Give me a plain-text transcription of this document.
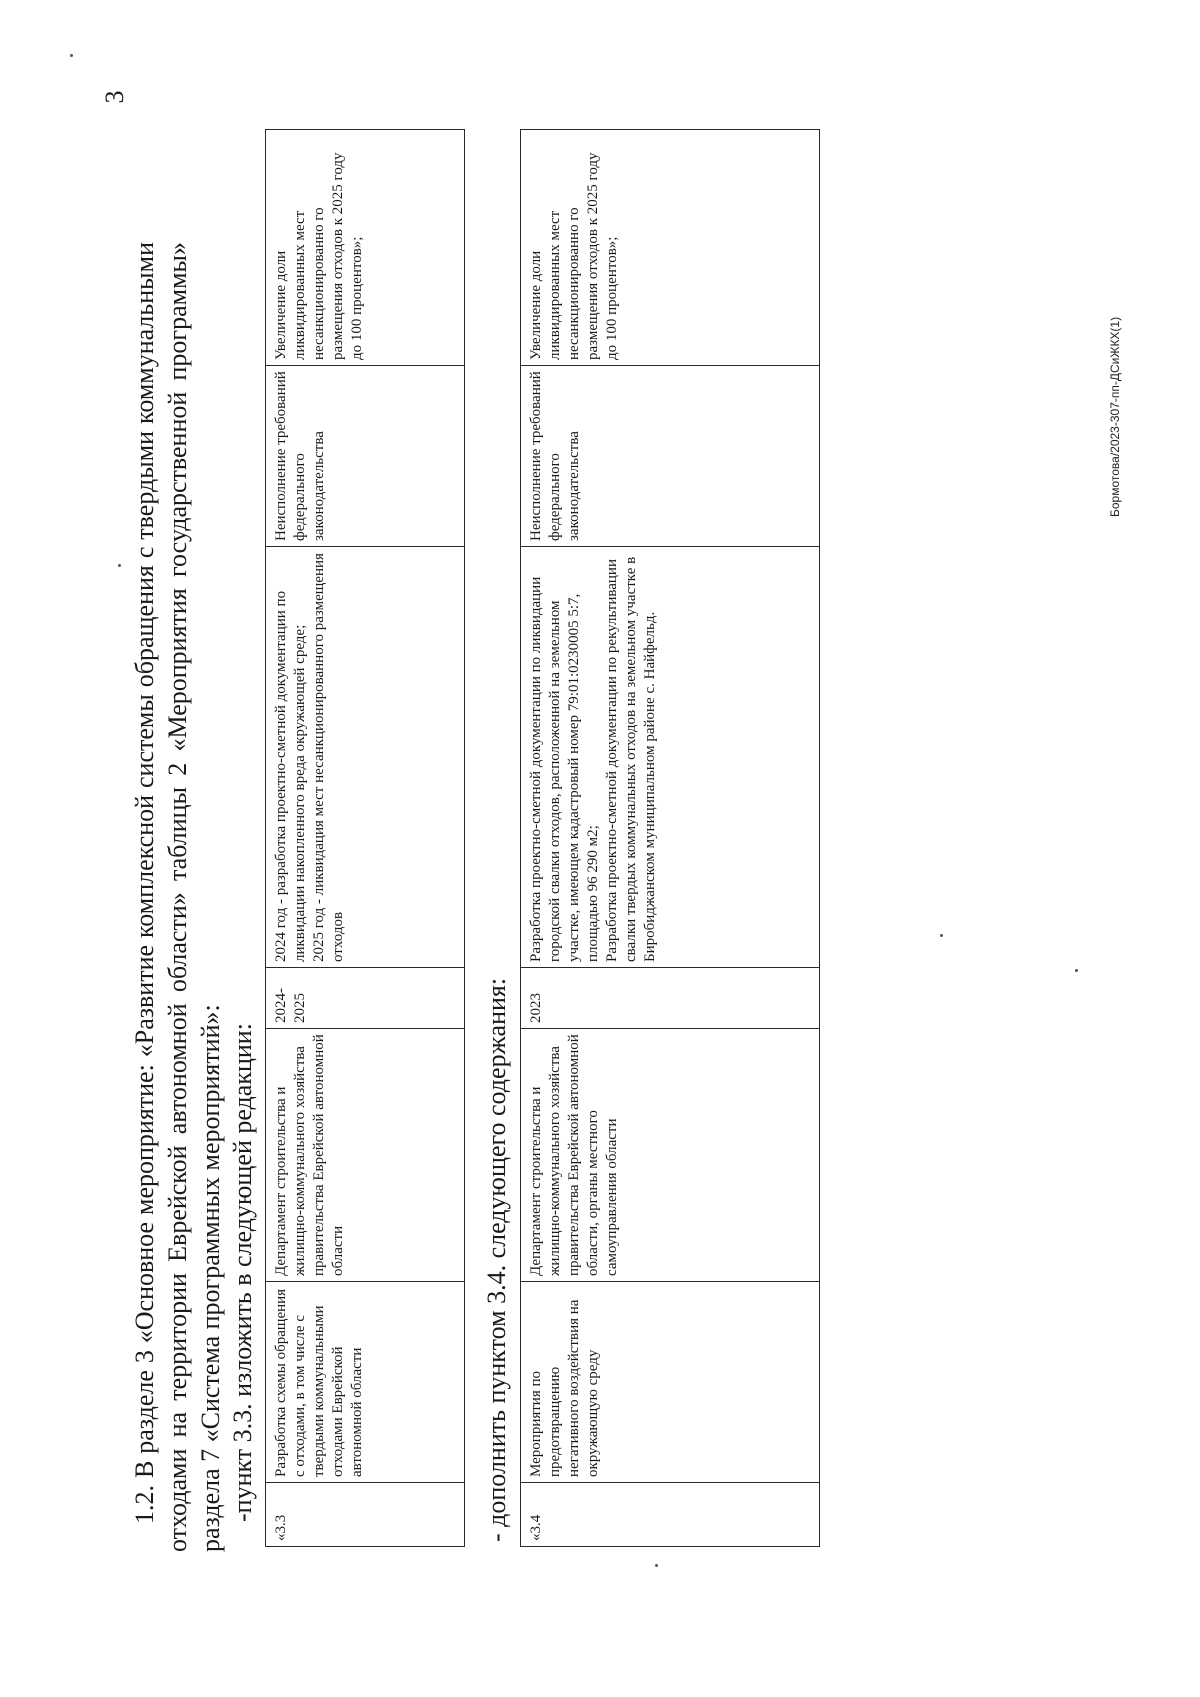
3
1.2. В разделе 3 «Основное мероприятие: «Развитие комплексной системы обращения с твердыми коммунальными отходами на территории Еврейской автономной области» таблицы 2 «Мероприятия государственной программы» раздела 7 «Система программных мероприятий»: -пункт 3.3. изложить в следующей редакции:
«3.3	Разработка схемы обращения с отходами, в том числе с твердыми коммунальными отходами Еврейской автономной области	Департамент строительства и жилищно-коммунального хозяйства правительства Еврейской автономной области	2024-2025	2024 год - разработка проектно-сметной документации по ликвидации накопленного вреда окружающей среде;
2025 год - ликвидация мест несанкционированного размещения отходов	Неисполнение требований федерального законодательства	Увеличение доли ликвидированных мест несанкционированно го размещения отходов к 2025 году до 100 процентов»;
- дополнить пунктом 3.4. следующего содержания: «3.4	Мероприятия по предотвращению негативного воздействия на окружающую среду	Департамент строительства и жилищно-коммунального хозяйства правительства Еврейской автономной области, органы местного самоуправления области	2023	Разработка проектно-сметной документации по ликвидации городской свалки отходов, расположенной на земельном участке, имеющем кадастровый номер 79:01:0230005 5:7, площадью 96 290 м2;
Разработка проектно-сметной документации по рекультивации свалки твердых коммунальных отходов на земельном участке в Биробиджанском муниципальном районе с. Найфельд.	Неисполнение требований федерального законодательства	Увеличение доли ликвидированных мест несанкционированно го размещения отходов к 2025 году до 100 процентов»;
Бормотова/2023-307-пп-ДСиЖКХ(1)
